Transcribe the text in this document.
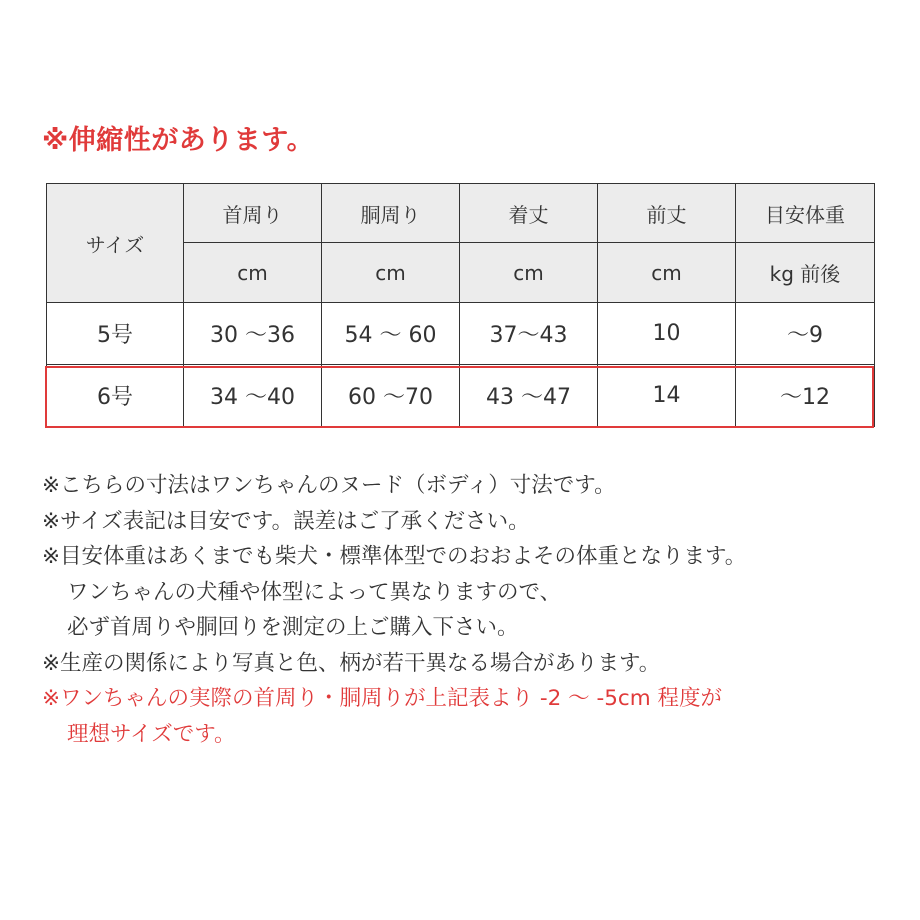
※伸縮性があります。
サイズ	首周り	胴周り	着丈	前丈	目安体重
	cm	cm	cm	cm	kg 前後
5号	30 ～36	54 ～ 60	37～43	10	～9
6号	34 ～40	60 ～70	43 ～47	14	～12
※こちらの寸法はワンちゃんのヌード（ボディ）寸法です。
※サイズ表記は目安です。誤差はご了承ください。
※目安体重はあくまでも柴犬・標準体型でのおおよその体重となります。
ワンちゃんの犬種や体型によって異なりますので、
必ず首周りや胴回りを測定の上ご購入下さい。
※生産の関係により写真と色、柄が若干異なる場合があります。
※ワンちゃんの実際の首周り・胴周りが上記表より -2 ～ -5cm 程度が
理想サイズです。
